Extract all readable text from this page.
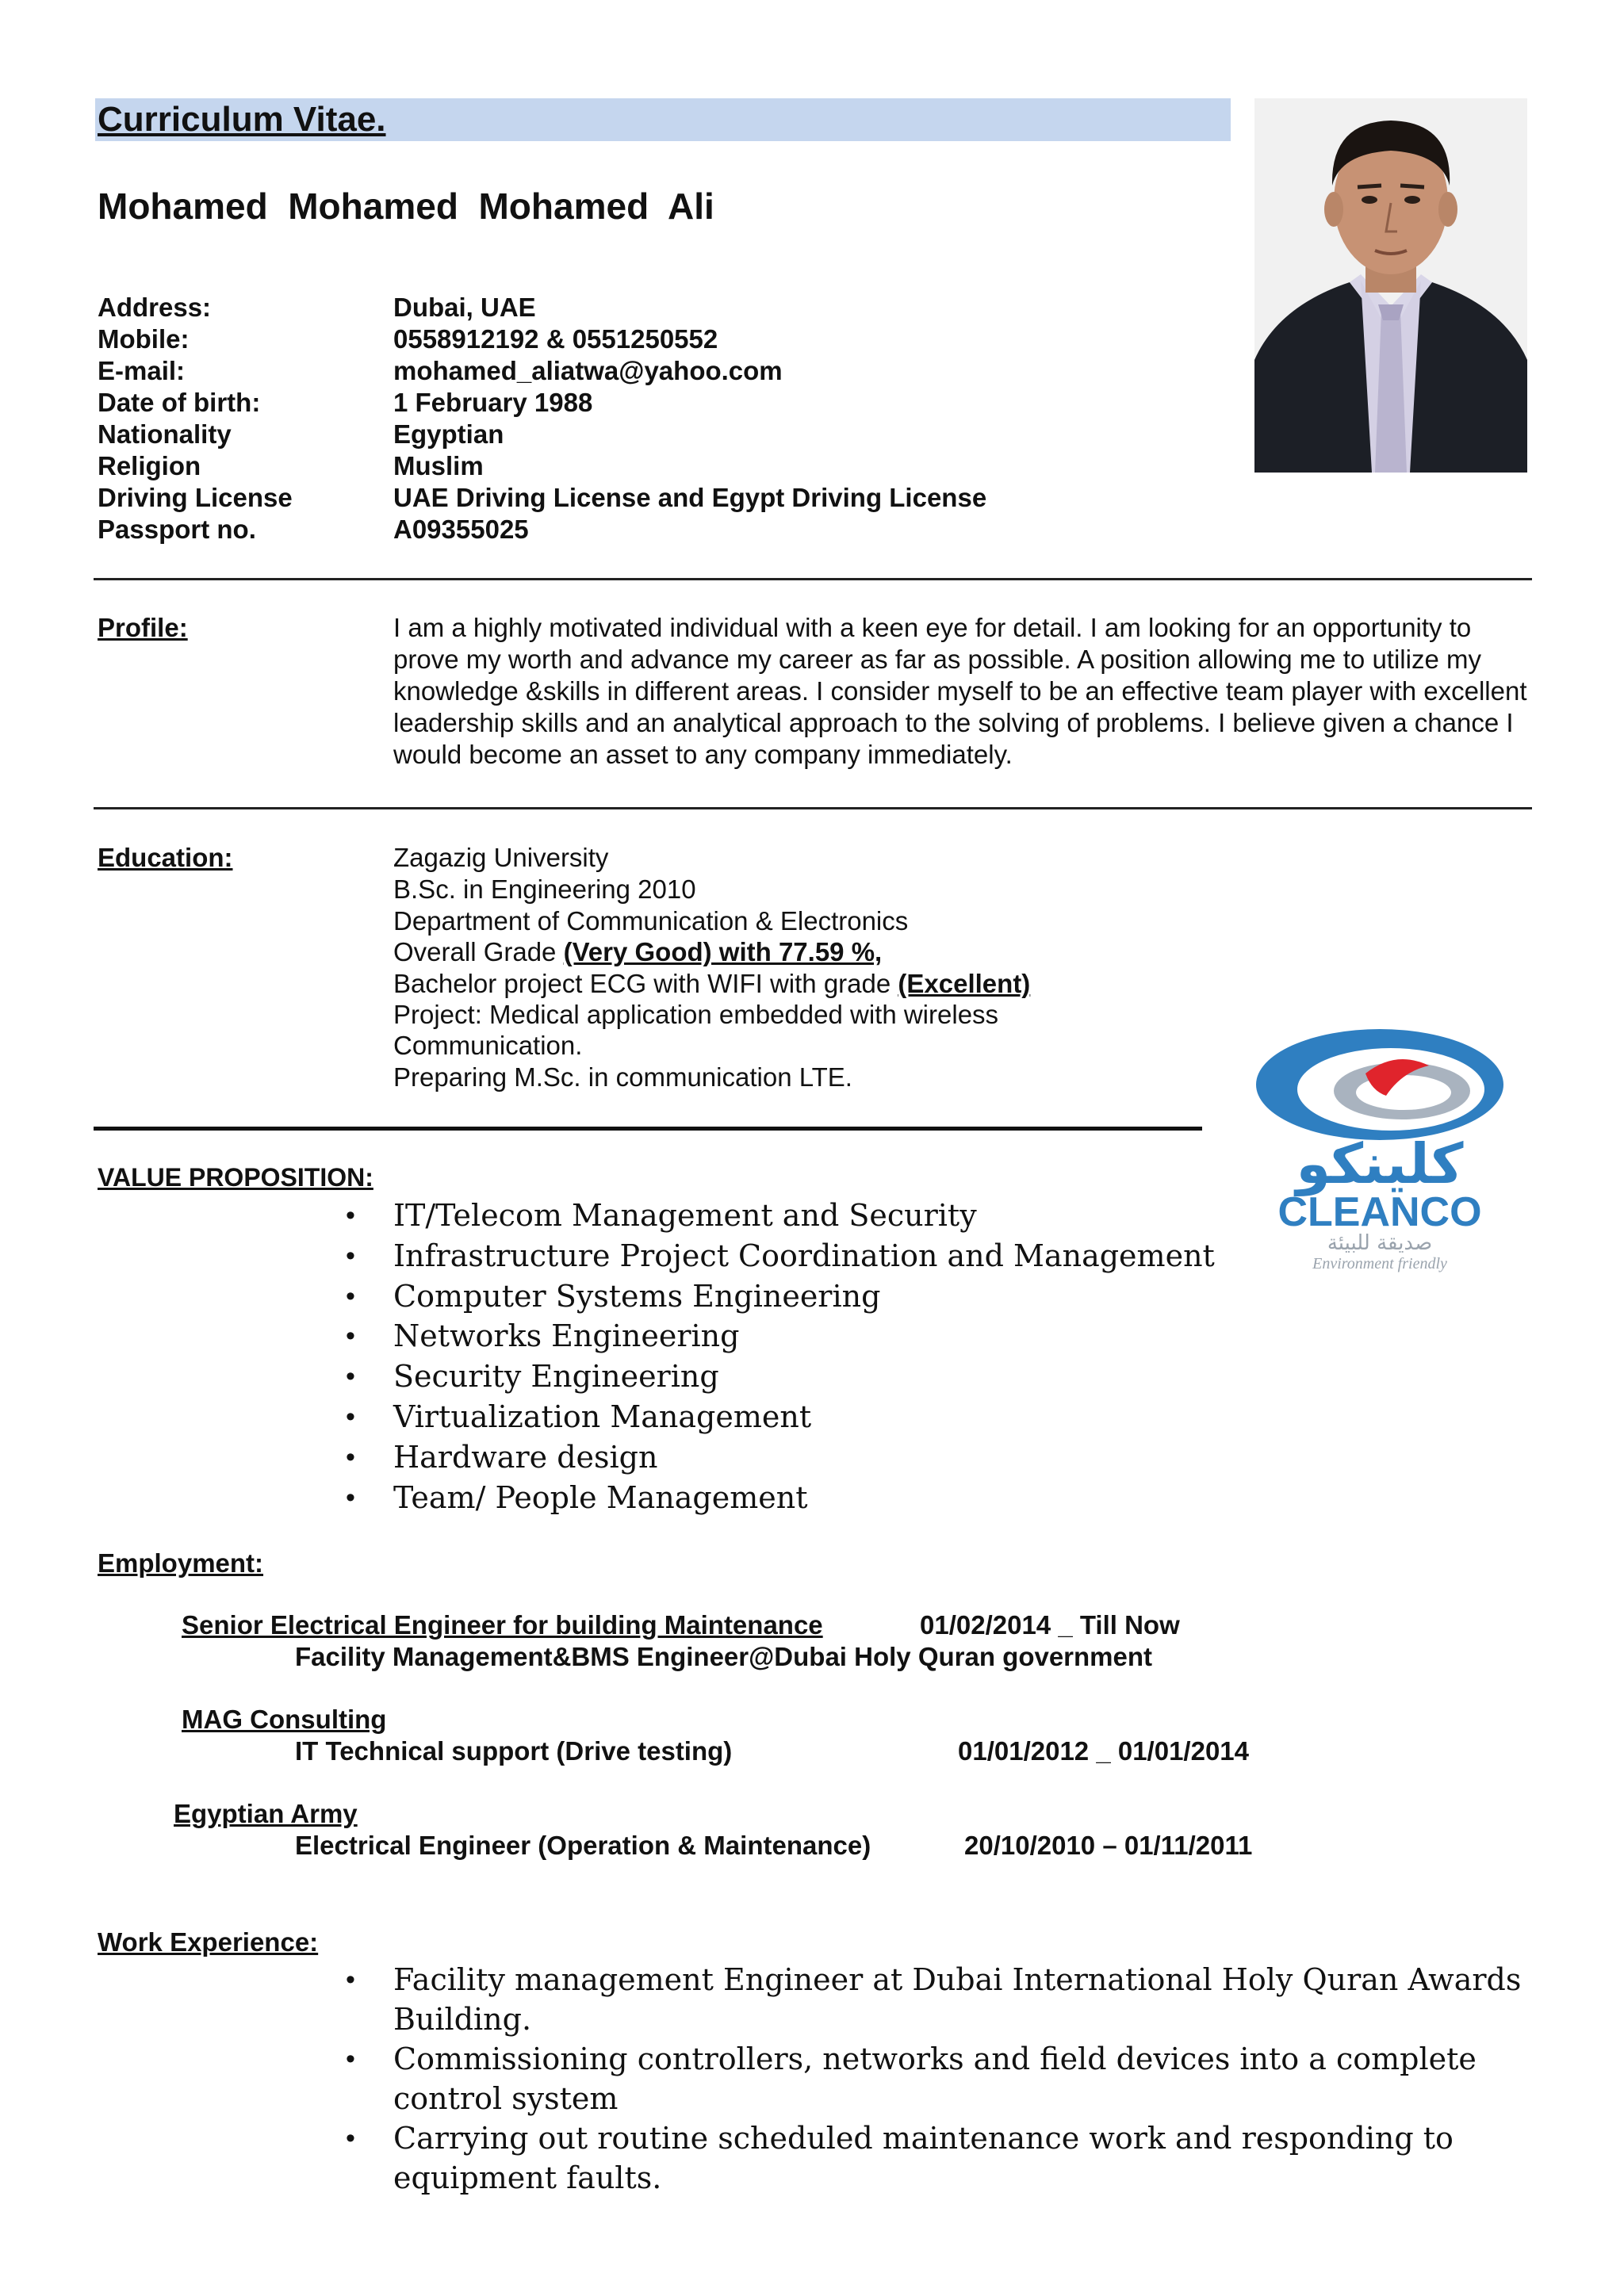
Curriculum Vitae.
Mohamed  Mohamed  Mohamed  Ali
Address:	Dubai, UAE
Mobile:	0558912192 & 0551250552
E-mail:	mohamed_aliatwa@yahoo.com
Date of birth:	1 February 1988
Nationality	Egyptian
Religion	Muslim
Driving License	UAE Driving License and Egypt Driving License
Passport no.	A09355025
Profile:	I am a highly motivated individual with a keen eye for detail. I am looking for an opportunity to prove my worth and advance my career as far as possible. A position allowing me to utilize my knowledge &skills in different areas. I consider myself to be an effective team player with excellent leadership skills and an analytical approach to the solving of problems. I believe given a chance I would become an asset to any company immediately.
Education:	Zagazig University
B.Sc. in Engineering 2010
Department of Communication & Electronics
Overall Grade (Very Good) with 77.59 %,
Bachelor project ECG with WIFI with grade (Excellent)
Project: Medical application embedded with wireless
Communication.
Preparing M.Sc. in communication LTE.
كلينكو
CLEANCO
صديقة للبيئة
Environment friendly
VALUE PROPOSITION:
• IT/Telecom Management and Security
• Infrastructure Project Coordination and Management
• Computer Systems Engineering
• Networks Engineering
• Security Engineering
• Virtualization Management
• Hardware design
• Team/ People Management
Employment:
Senior Electrical Engineer for building Maintenance	01/02/2014 _ Till Now
Facility Management&BMS Engineer@Dubai Holy Quran government
MAG Consulting
IT Technical support (Drive testing)	01/01/2012 _ 01/01/2014
Egyptian Army
Electrical Engineer (Operation & Maintenance)	20/10/2010 – 01/11/2011
Work Experience:
• Facility management Engineer at Dubai International Holy Quran Awards Building.
• Commissioning controllers, networks and field devices into a complete control system
• Carrying out routine scheduled maintenance work and responding to equipment faults.
